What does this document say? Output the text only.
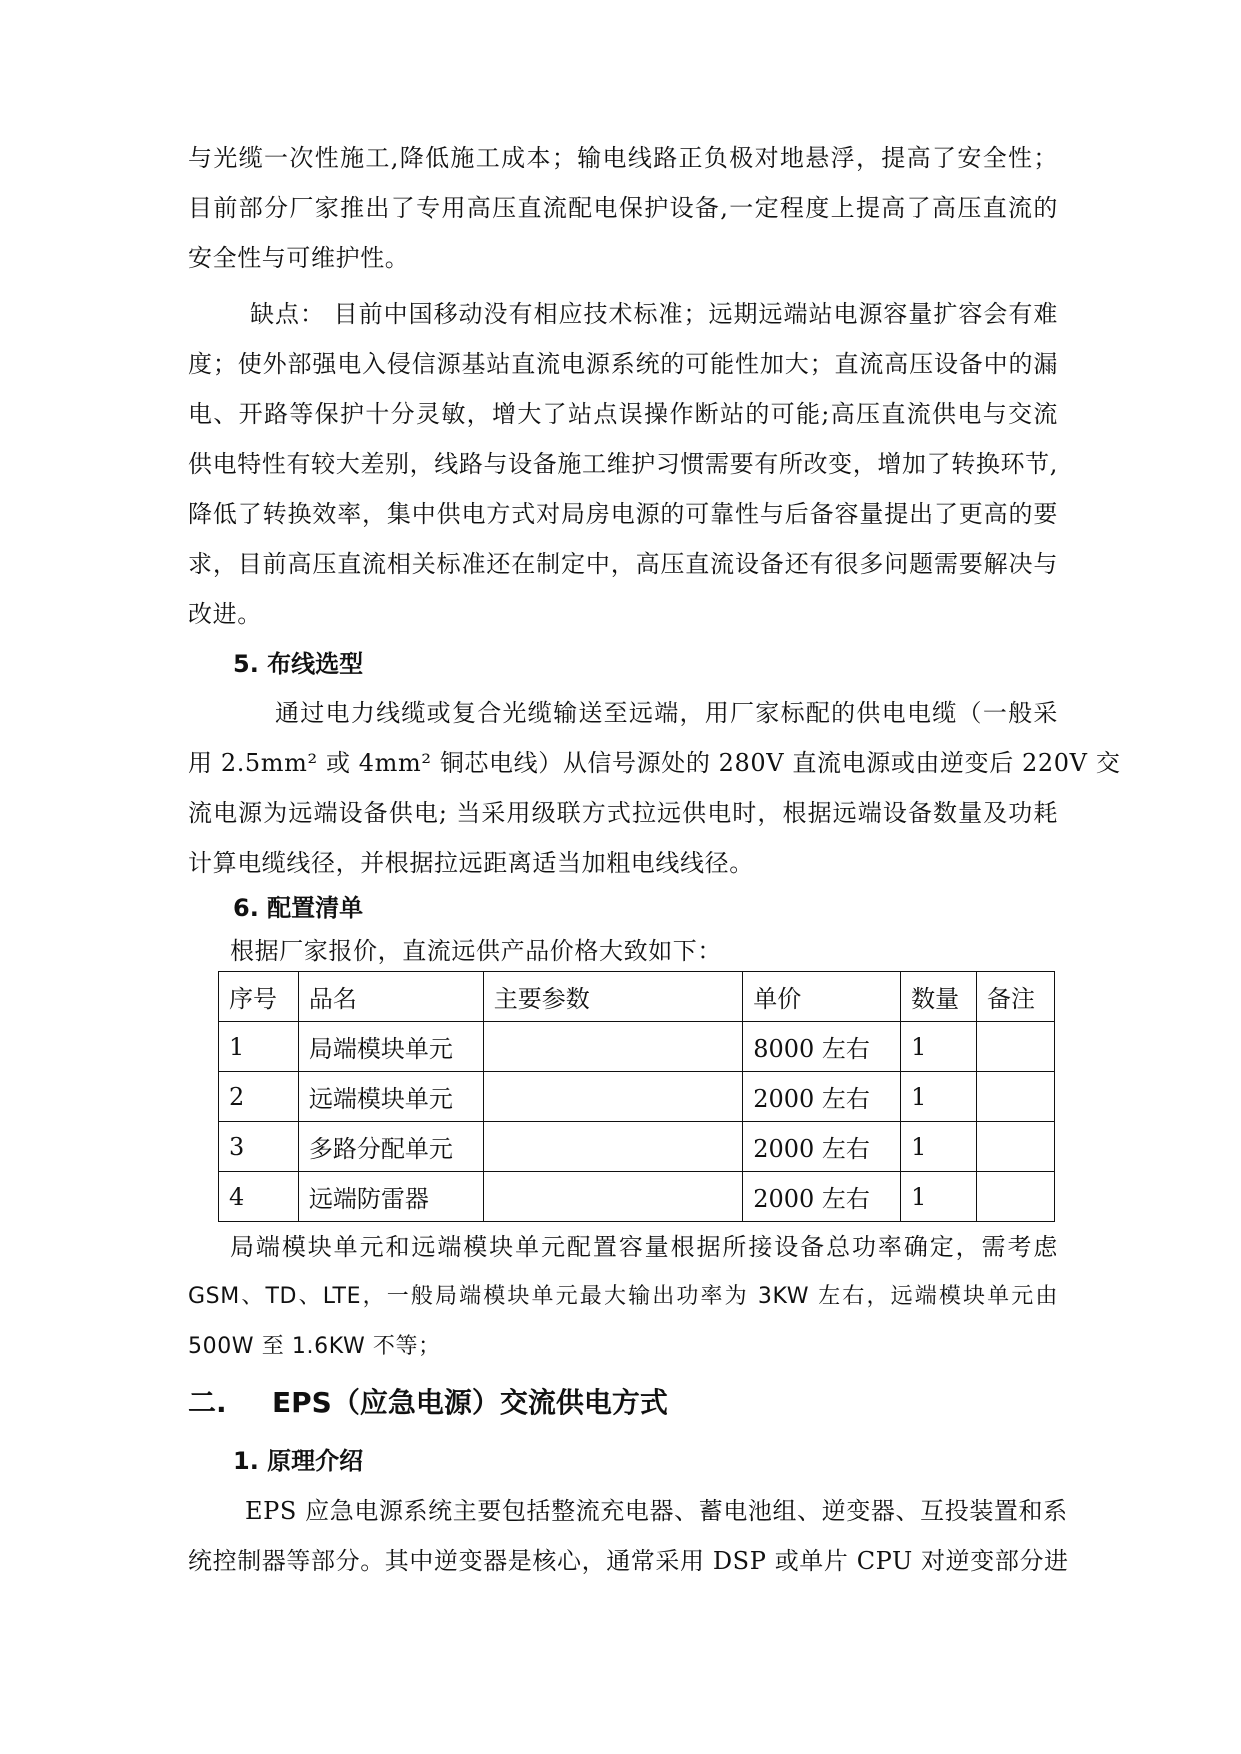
与光缆一次性施工,降低施工成本；输电线路正负极对地悬浮，提高了安全性；
目前部分厂家推出了专用高压直流配电保护设备,一定程度上提高了高压直流的
安全性与可维护性。
缺点： 目前中国移动没有相应技术标准；远期远端站电源容量扩容会有难
度；使外部强电入侵信源基站直流电源系统的可能性加大；直流高压设备中的漏
电、开路等保护十分灵敏，增大了站点误操作断站的可能;高压直流供电与交流
供电特性有较大差别，线路与设备施工维护习惯需要有所改变，增加了转换环节,
降低了转换效率，集中供电方式对局房电源的可靠性与后备容量提出了更高的要
求，目前高压直流相关标准还在制定中，高压直流设备还有很多问题需要解决与
改进。
5. 布线选型
通过电力线缆或复合光缆输送至远端，用厂家标配的供电电缆（一般采
用 2.5mm² 或 4mm² 铜芯电线）从信号源处的 280V 直流电源或由逆变后 220V 交
流电源为远端设备供电; 当采用级联方式拉远供电时，根据远端设备数量及功耗
计算电缆线径，并根据拉远距离适当加粗电线线径。
6. 配置清单
根据厂家报价，直流远供产品价格大致如下：
序号	品名	主要参数	单价	数量	备注
1	局端模块单元		8000 左右	1	
2	远端模块单元		2000 左右	1	
3	多路分配单元		2000 左右	1	
4	远端防雷器		2000 左右	1	
局端模块单元和远端模块单元配置容量根据所接设备总功率确定，需考虑
GSM、TD、LTE，一般局端模块单元最大输出功率为 3KW 左右，远端模块单元由
500W 至 1.6KW 不等；
二. EPS（应急电源）交流供电方式
1. 原理介绍
EPS 应急电源系统主要包括整流充电器、蓄电池组、逆变器、互投装置和系
统控制器等部分。其中逆变器是核心，通常采用 DSP 或单片 CPU 对逆变部分进
